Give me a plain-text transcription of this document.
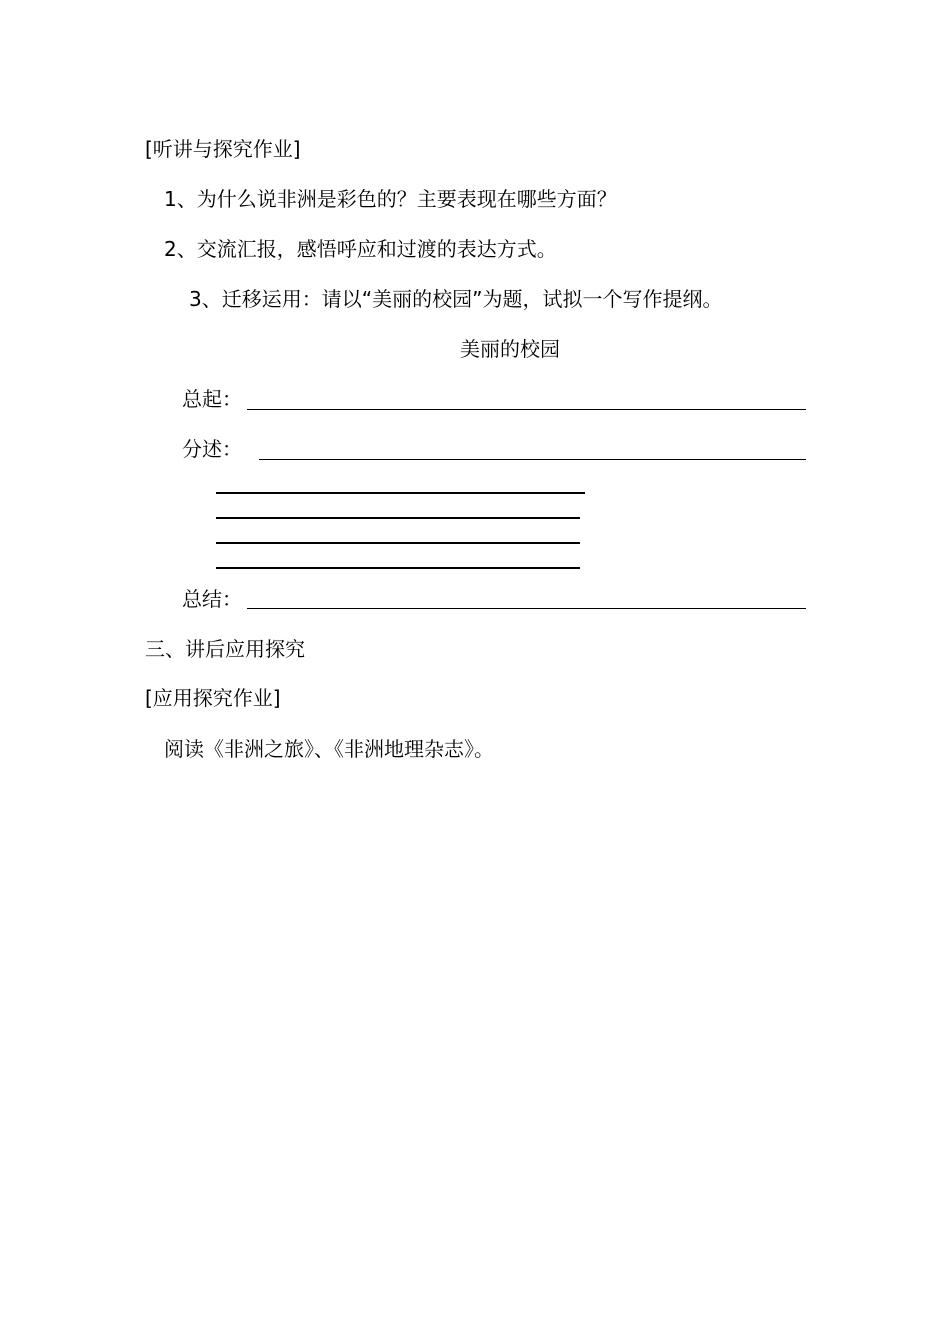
[听讲与探究作业]

1、为什么说非洲是彩色的？主要表现在哪些方面？

2、交流汇报，感悟呼应和过渡的表达方式。

3、迁移运用：请以“美丽的校园”为题，试拟一个写作提纲。

美丽的校园

总起：

分述：

总结：

三、讲后应用探究

[应用探究作业]

阅读《非洲之旅》、《非洲地理杂志》。
